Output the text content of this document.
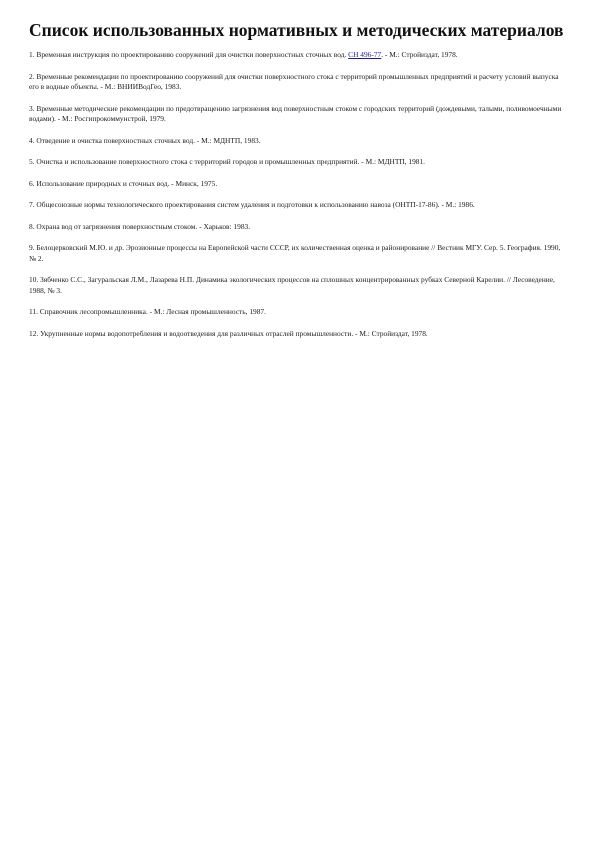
Список использованных нормативных и методических материалов
1. Временная инструкция по проектированию сооружений для очистки поверхностных сточных вод. СН 496-77. - М.: Стройиздат, 1978.
2. Временные рекомендации по проектированию сооружений для очистки поверхностного стока с территорий промышленных предприятий и расчету условий выпуска его в водные объекты. - М.: ВНИИВодГео, 1983.
3. Временные методические рекомендации по предотвращению загрязнения вод поверхностным стоком с городских территорий (дождевыми, талыми, поливомоечными водами). - М.: Росгипрокоммунстрой, 1979.
4. Отведение и очистка поверхностных сточных вод. - М.: МДНТП, 1983.
5. Очистка и использование поверхностного стока с территорий городов и промышленных предприятий. - М.: МДНТП, 1981.
6. Использование природных и сточных вод. - Минск, 1975.
7. Общесоюзные нормы технологического проектирования систем удаления и подготовки к использованию навоза (ОНТП-17-86). - М.: 1986.
8. Охрана вод от загрязнения поверхностным стоком. - Харьков: 1983.
9. Белоцерковский М.Ю. и др. Эрозионные процессы на Европейской части СССР, их количественная оценка и районирование // Вестник МГУ. Сер. 5. География. 1990, № 2.
10. Зябченко С.С., Загуральская Л.М., Лазарева Н.П. Динамика экологических процессов на сплошных концентрированных рубках Северной Карелии. // Лесоведение, 1988, № 3.
11. Справочник лесопромышленника. - М.: Лесная промышленность, 1987.
12. Укрупненные нормы водопотребления и водоотведения для различных отраслей промышленности. - М.: Стройиздат, 1978.
